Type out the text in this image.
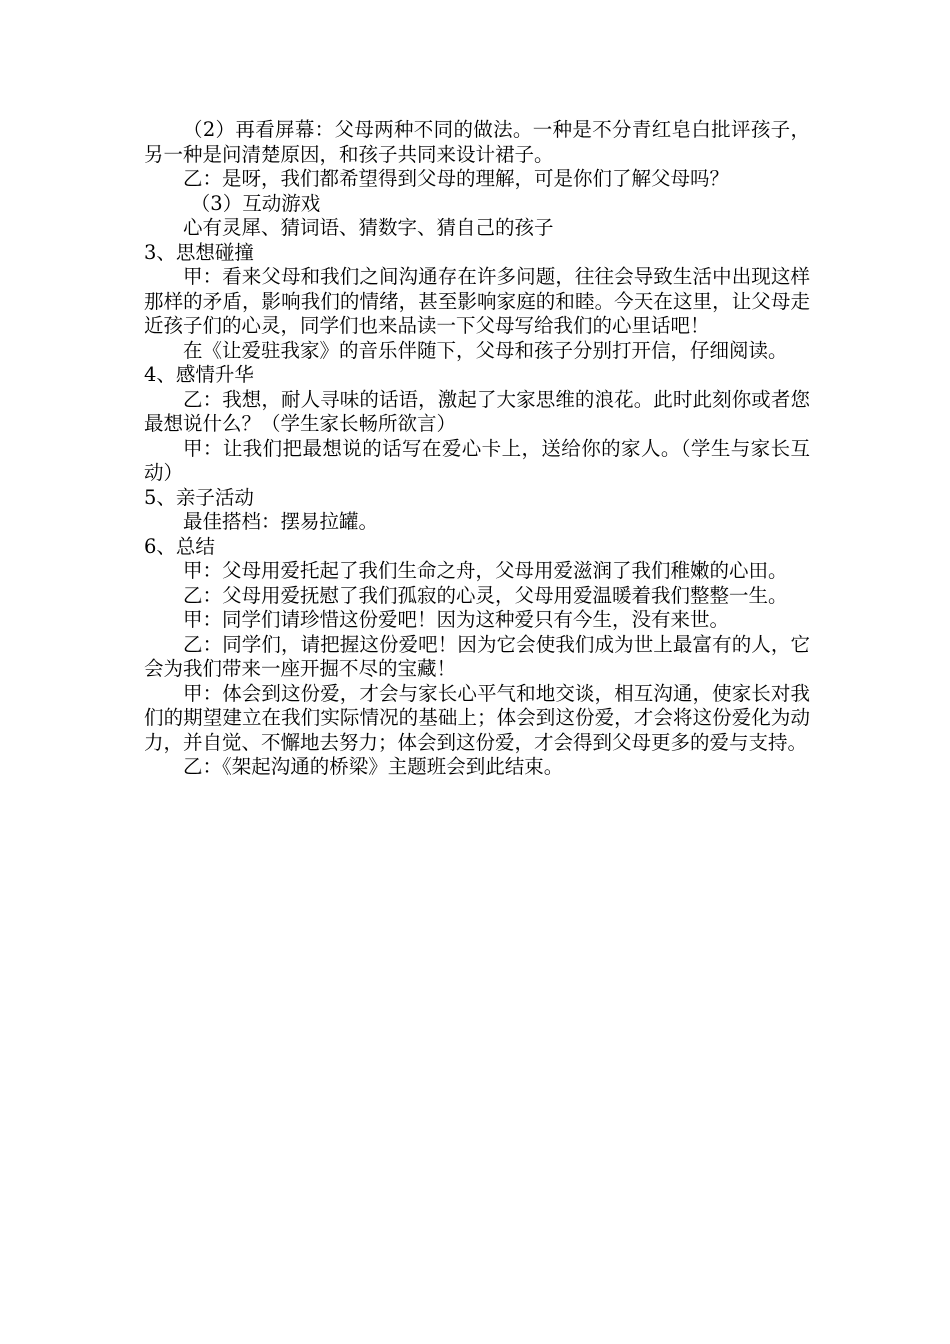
（2）再看屏幕：父母两种不同的做法。一种是不分青红皂白批评孩子，另一种是问清楚原因，和孩子共同来设计裙子。

乙：是呀，我们都希望得到父母的理解，可是你们了解父母吗？

（3）互动游戏

心有灵犀、猜词语、猜数字、猜自己的孩子

3、思想碰撞

甲：看来父母和我们之间沟通存在许多问题，往往会导致生活中出现这样那样的矛盾，影响我们的情绪，甚至影响家庭的和睦。今天在这里，让父母走近孩子们的心灵，同学们也来品读一下父母写给我们的心里话吧！

在《让爱驻我家》的音乐伴随下，父母和孩子分别打开信，仔细阅读。

4、感情升华

乙：我想，耐人寻味的话语，激起了大家思维的浪花。此时此刻你或者您最想说什么？（学生家长畅所欲言）

甲：让我们把最想说的话写在爱心卡上，送给你的家人。（学生与家长互动）

5、亲子活动

最佳搭档：摆易拉罐。

6、总结

甲：父母用爱托起了我们生命之舟，父母用爱滋润了我们稚嫩的心田。

乙：父母用爱抚慰了我们孤寂的心灵，父母用爱温暖着我们整整一生。

甲：同学们请珍惜这份爱吧！因为这种爱只有今生，没有来世。

乙：同学们，请把握这份爱吧！因为它会使我们成为世上最富有的人，它会为我们带来一座开掘不尽的宝藏！

甲：体会到这份爱，才会与家长心平气和地交谈，相互沟通，使家长对我们的期望建立在我们实际情况的基础上；体会到这份爱，才会将这份爱化为动力，并自觉、不懈地去努力；体会到这份爱，才会得到父母更多的爱与支持。

乙：《架起沟通的桥梁》主题班会到此结束。
